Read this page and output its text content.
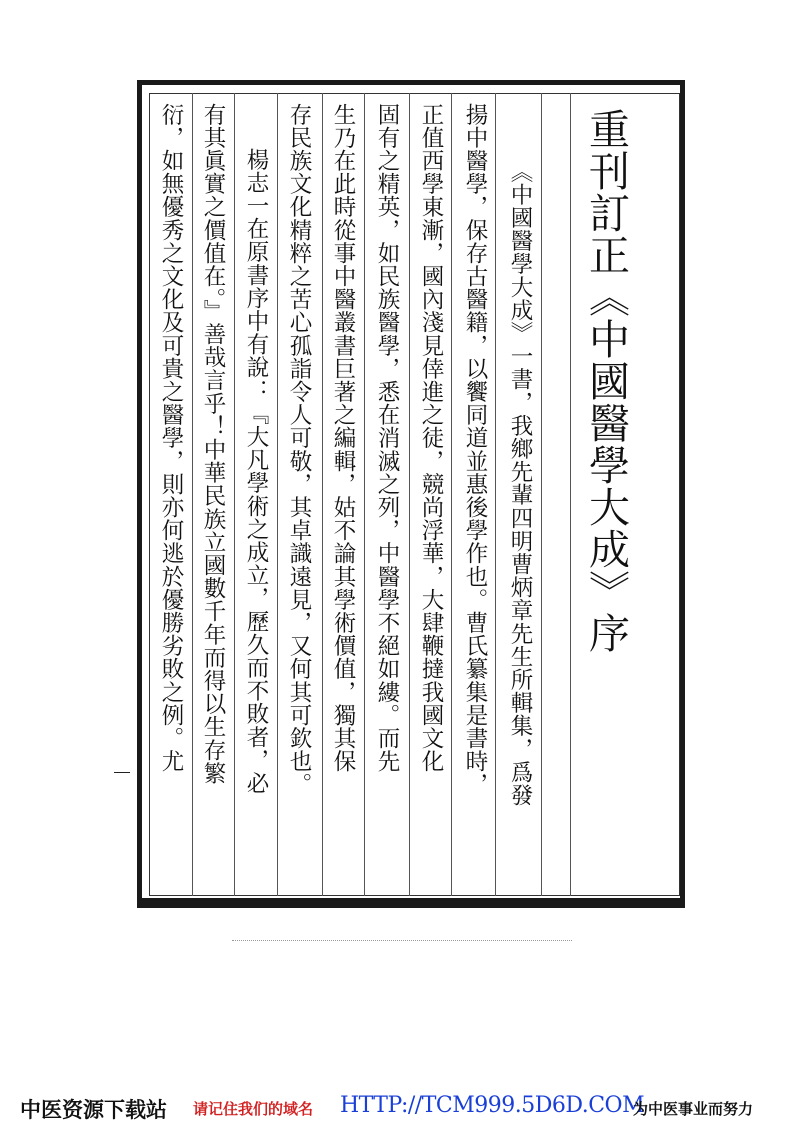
重刊訂正《中國醫學大成》序
《中國醫學大成》一書，我鄉先輩四明曹炳章先生所輯集，爲發
揚中醫學，保存古醫籍，以饗同道並惠後學作也。曹氏纂集是書時，
正值西學東漸，國內淺見倖進之徒，競尚浮華，大肆鞭撻我國文化
固有之精英，如民族醫學，悉在消滅之列，中醫學不絕如縷。而先
生乃在此時從事中醫叢書巨著之編輯，姑不論其學術價值，獨其保
存民族文化精粹之苦心孤詣令人可敬，其卓識遠見，又何其可欽也。
楊志一在原書序中有說：『大凡學術之成立，歷久而不敗者，必
有其眞實之價值在。』善哉言乎！中華民族立國數千年而得以生存繁
衍，如無優秀之文化及可貴之醫學，則亦何逃於優勝劣敗之例。尤
中医资源下载站 请记住我们的域名 HTTP://TCM999.5D6D.COM
为中医事业而努力
